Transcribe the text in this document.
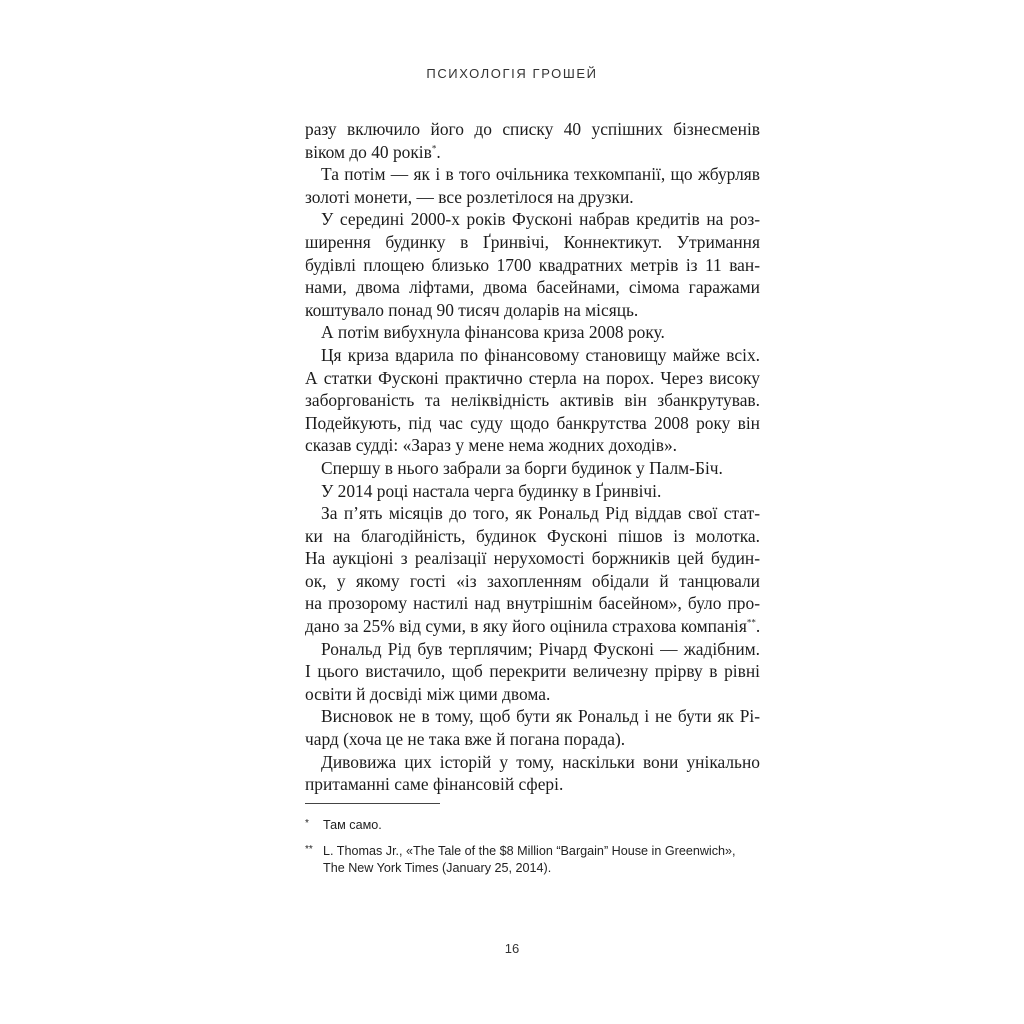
ПСИХОЛОГІЯ ГРОШЕЙ
разу включило його до списку 40 успішних бізнесменів
віком до 40 років*.
Та потім — як і в того очільника техкомпанії, що жбурляв
золоті монети, — все розлетілося на друзки.
У середині 2000-х років Фусконі набрав кредитів на роз-
ширення будинку в Ґринвічі, Коннектикут. Утримання
будівлі площею близько 1700 квадратних метрів із 11 ван-
нами, двома ліфтами, двома басейнами, сімома гаражами
коштувало понад 90 тисяч доларів на місяць.
А потім вибухнула фінансова криза 2008 року.
Ця криза вдарила по фінансовому становищу майже всіх.
А статки Фусконі практично стерла на порох. Через високу
заборгованість та неліквідність активів він збанкрутував.
Подейкують, під час суду щодо банкрутства 2008 року він
сказав судді: «Зараз у мене нема жодних доходів».
Спершу в нього забрали за борги будинок у Палм-Біч.
У 2014 році настала черга будинку в Ґринвічі.
За п’ять місяців до того, як Рональд Рід віддав свої стат-
ки на благодійність, будинок Фусконі пішов із молотка.
На аукціоні з реалізації нерухомості боржників цей будин-
ок, у якому гості «із захопленням обідали й танцювали
на прозорому настилі над внутрішнім басейном», було про-
дано за 25% від суми, в яку його оцінила страхова компанія**.
Рональд Рід був терплячим; Річард Фусконі — жадібним.
І цього вистачило, щоб перекрити величезну прірву в рівні
освіти й досвіді між цими двома.
Висновок не в тому, щоб бути як Рональд і не бути як Рі-
чард (хоча це не така вже й погана порада).
Дивовижа цих історій у тому, наскільки вони унікально
притаманні саме фінансовій сфері.
* Там само.
** L. Thomas Jr., «The Tale of the $8 Million “Bargain” House in Greenwich»,
The New York Times (January 25, 2014).
16
